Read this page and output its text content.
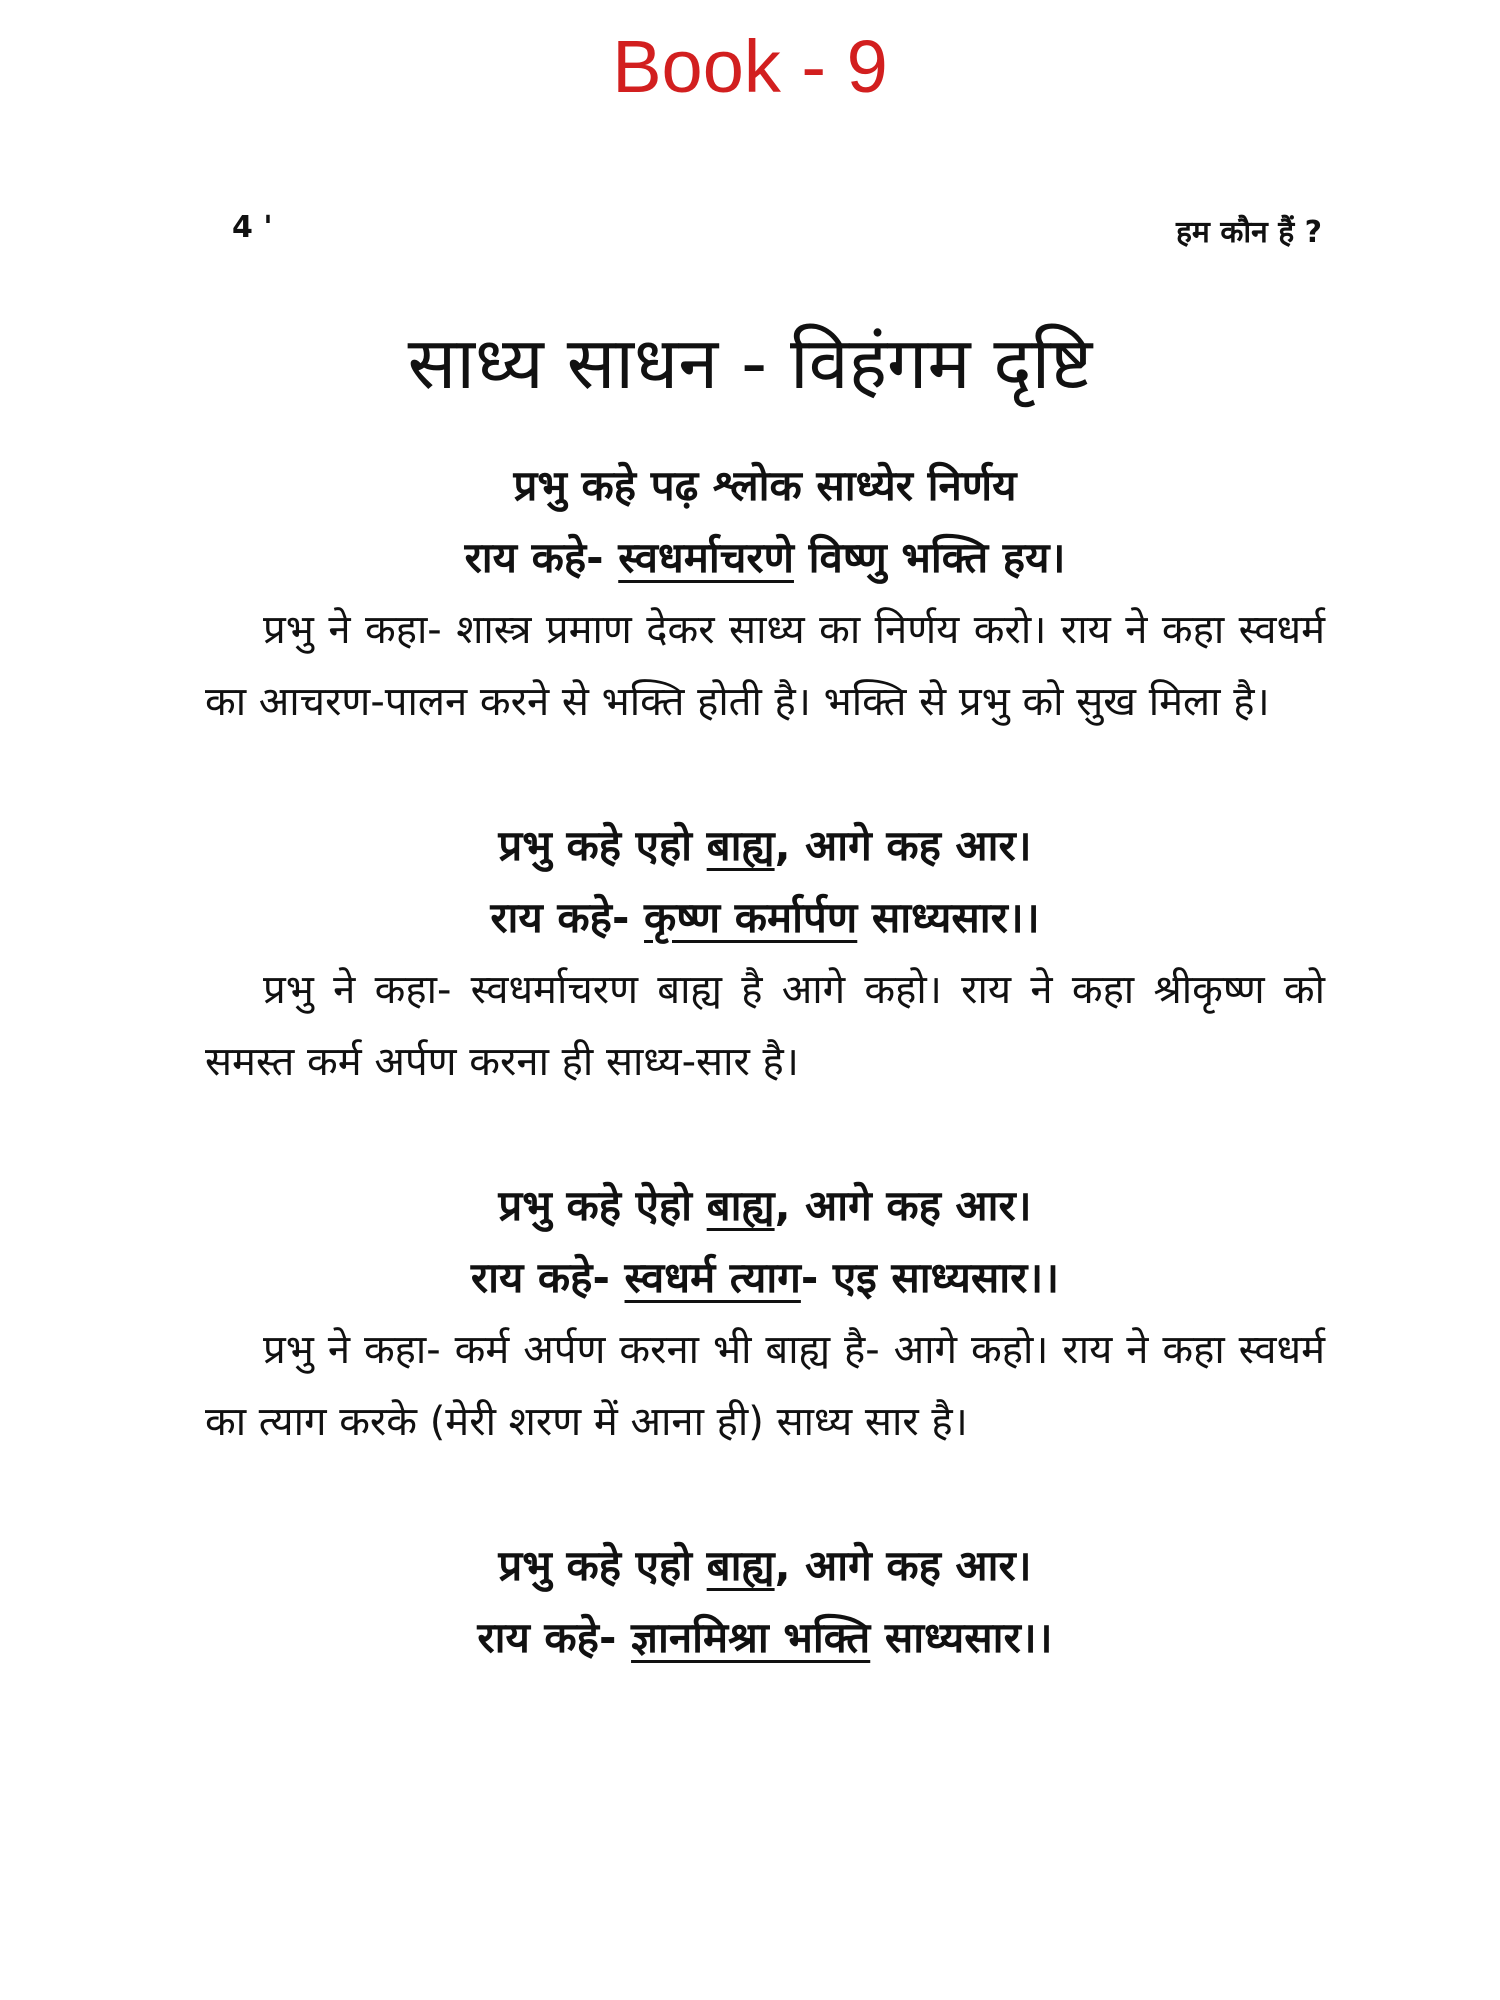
Book - 9
4 '	हम कौन हैं ?
साध्य साधन - विहंगम दृष्टि
प्रभु कहे पढ़ श्लोक साध्येर निर्णय
राय कहे- स्वधर्माचरणे विष्णु भक्ति हय।

प्रभु ने कहा- शास्त्र प्रमाण देकर साध्य का निर्णय करो। राय ने कहा स्वधर्म का आचरण-पालन करने से भक्ति होती है। भक्ति से प्रभु को सुख मिला है।

प्रभु कहे एहो बाह्य, आगे कह आर।
राय कहे- कृष्ण कर्मार्पण साध्यसार।।

प्रभु ने कहा- स्वधर्माचरण बाह्य है आगे कहो। राय ने कहा श्रीकृष्ण को समस्त कर्म अर्पण करना ही साध्य-सार है।

प्रभु कहे ऐहो बाह्य, आगे कह आर।
राय कहे- स्वधर्म त्याग- एइ साध्यसार।।

प्रभु ने कहा- कर्म अर्पण करना भी बाह्य है- आगे कहो। राय ने कहा स्वधर्म का त्याग करके (मेरी शरण में आना ही) साध्य सार है।

प्रभु कहे एहो बाह्य, आगे कह आर।
राय कहे- ज्ञानमिश्रा भक्ति साध्यसार।।
